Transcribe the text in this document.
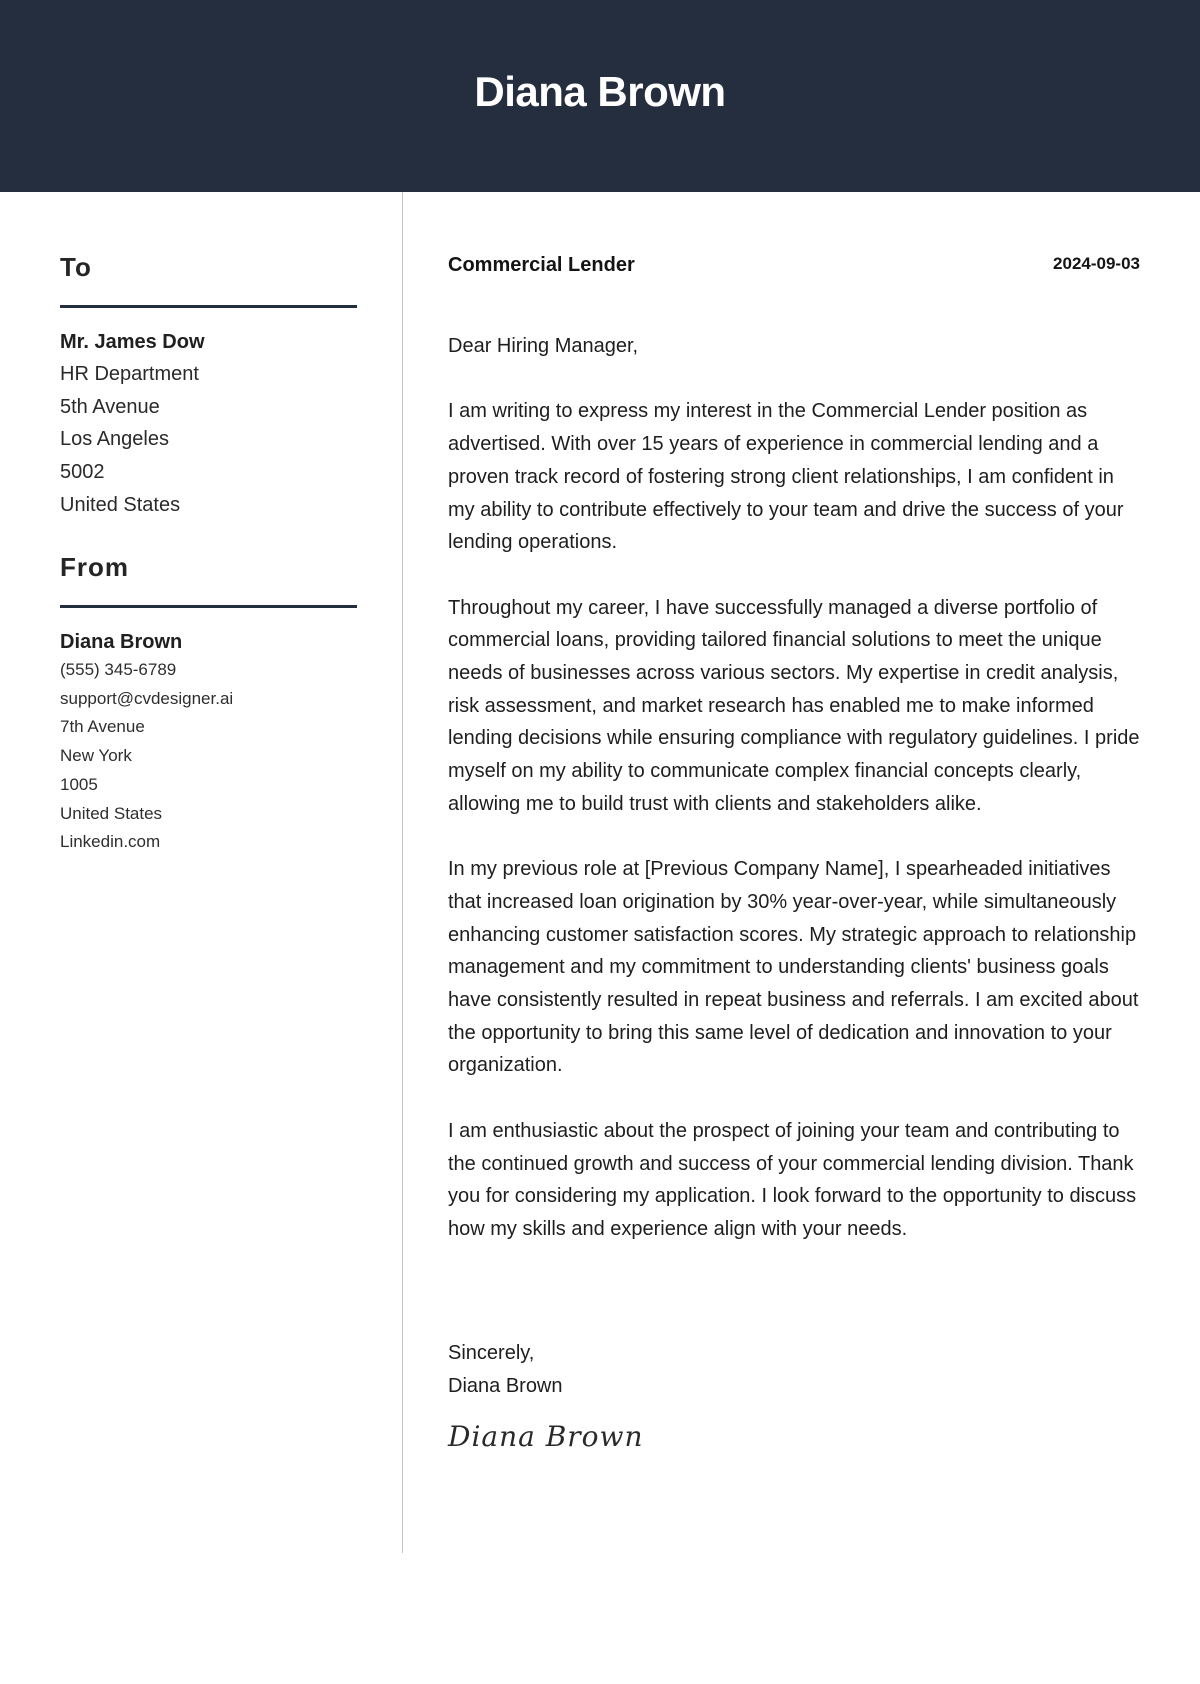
Diana Brown
To
Mr. James Dow
HR Department
5th Avenue
Los Angeles
5002
United States
From
Diana Brown
(555) 345-6789
support@cvdesigner.ai
7th Avenue
New York
1005
United States
Linkedin.com
Commercial Lender	2024-09-03

Dear Hiring Manager,

I am writing to express my interest in the Commercial Lender position as advertised. With over 15 years of experience in commercial lending and a proven track record of fostering strong client relationships, I am confident in my ability to contribute effectively to your team and drive the success of your lending operations.

Throughout my career, I have successfully managed a diverse portfolio of commercial loans, providing tailored financial solutions to meet the unique needs of businesses across various sectors. My expertise in credit analysis, risk assessment, and market research has enabled me to make informed lending decisions while ensuring compliance with regulatory guidelines. I pride myself on my ability to communicate complex financial concepts clearly, allowing me to build trust with clients and stakeholders alike.

In my previous role at [Previous Company Name], I spearheaded initiatives that increased loan origination by 30% year-over-year, while simultaneously enhancing customer satisfaction scores. My strategic approach to relationship management and my commitment to understanding clients' business goals have consistently resulted in repeat business and referrals. I am excited about the opportunity to bring this same level of dedication and innovation to your organization.

I am enthusiastic about the prospect of joining your team and contributing to the continued growth and success of your commercial lending division. Thank you for considering my application. I look forward to the opportunity to discuss how my skills and experience align with your needs.

Sincerely,
Diana Brown
Diana Brown
